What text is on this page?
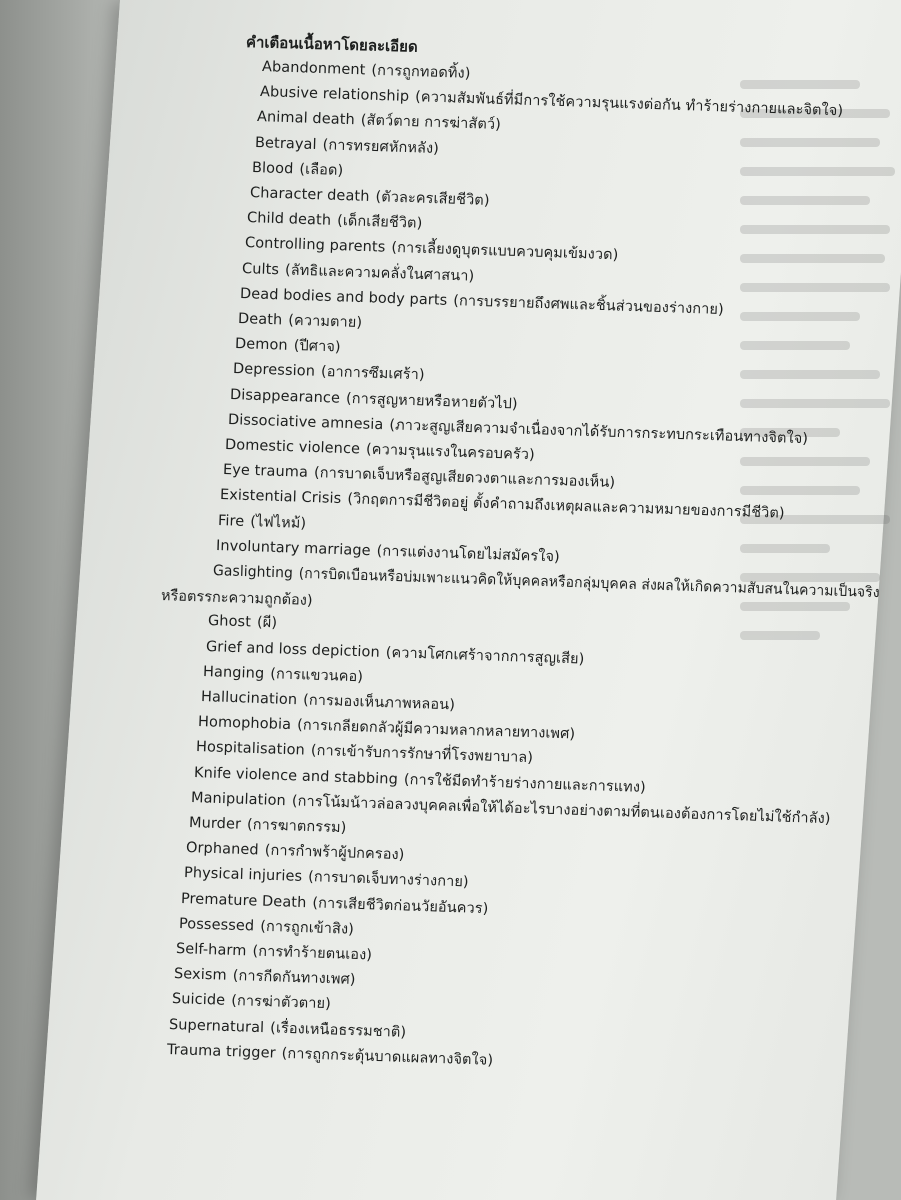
คำเตือนเนื้อหาโดยละเอียด
Abandonment (การถูกทอดทิ้ง)
Abusive relationship (ความสัมพันธ์ที่มีการใช้ความรุนแรงต่อกัน ทำร้ายร่างกายและจิตใจ)
Animal death (สัตว์ตาย การฆ่าสัตว์)
Betrayal (การทรยศหักหลัง)
Blood (เลือด)
Character death (ตัวละครเสียชีวิต)
Child death (เด็กเสียชีวิต)
Controlling parents (การเลี้ยงดูบุตรแบบควบคุมเข้มงวด)
Cults (ลัทธิและความคลั่งในศาสนา)
Dead bodies and body parts (การบรรยายถึงศพและชิ้นส่วนของร่างกาย)
Death (ความตาย)
Demon (ปีศาจ)
Depression (อาการซึมเศร้า)
Disappearance (การสูญหายหรือหายตัวไป)
Dissociative amnesia (ภาวะสูญเสียความจำเนื่องจากได้รับการกระทบกระเทือนทางจิตใจ)
Domestic violence (ความรุนแรงในครอบครัว)
Eye trauma (การบาดเจ็บหรือสูญเสียดวงตาและการมองเห็น)
Existential Crisis (วิกฤตการมีชีวิตอยู่ ตั้งคำถามถึงเหตุผลและความหมายของการมีชีวิต)
Fire (ไฟไหม้)
Involuntary marriage (การแต่งงานโดยไม่สมัครใจ)
Gaslighting (การบิดเบือนหรือบ่มเพาะแนวคิดให้บุคคลหรือกลุ่มบุคคล ส่งผลให้เกิดความสับสนในความเป็นจริง
หรือตรรกะความถูกต้อง)
Ghost (ผี)
Grief and loss depiction (ความโศกเศร้าจากการสูญเสีย)
Hanging (การแขวนคอ)
Hallucination (การมองเห็นภาพหลอน)
Homophobia (การเกลียดกลัวผู้มีความหลากหลายทางเพศ)
Hospitalisation (การเข้ารับการรักษาที่โรงพยาบาล)
Knife violence and stabbing (การใช้มีดทำร้ายร่างกายและการแทง)
Manipulation (การโน้มน้าวล่อลวงบุคคลเพื่อให้ได้อะไรบางอย่างตามที่ตนเองต้องการโดยไม่ใช้กำลัง)
Murder (การฆาตกรรม)
Orphaned (การกำพร้าผู้ปกครอง)
Physical injuries (การบาดเจ็บทางร่างกาย)
Premature Death (การเสียชีวิตก่อนวัยอันควร)
Possessed (การถูกเข้าสิง)
Self-harm (การทำร้ายตนเอง)
Sexism (การกีดกันทางเพศ)
Suicide (การฆ่าตัวตาย)
Supernatural (เรื่องเหนือธรรมชาติ)
Trauma trigger (การถูกกระตุ้นบาดแผลทางจิตใจ)
